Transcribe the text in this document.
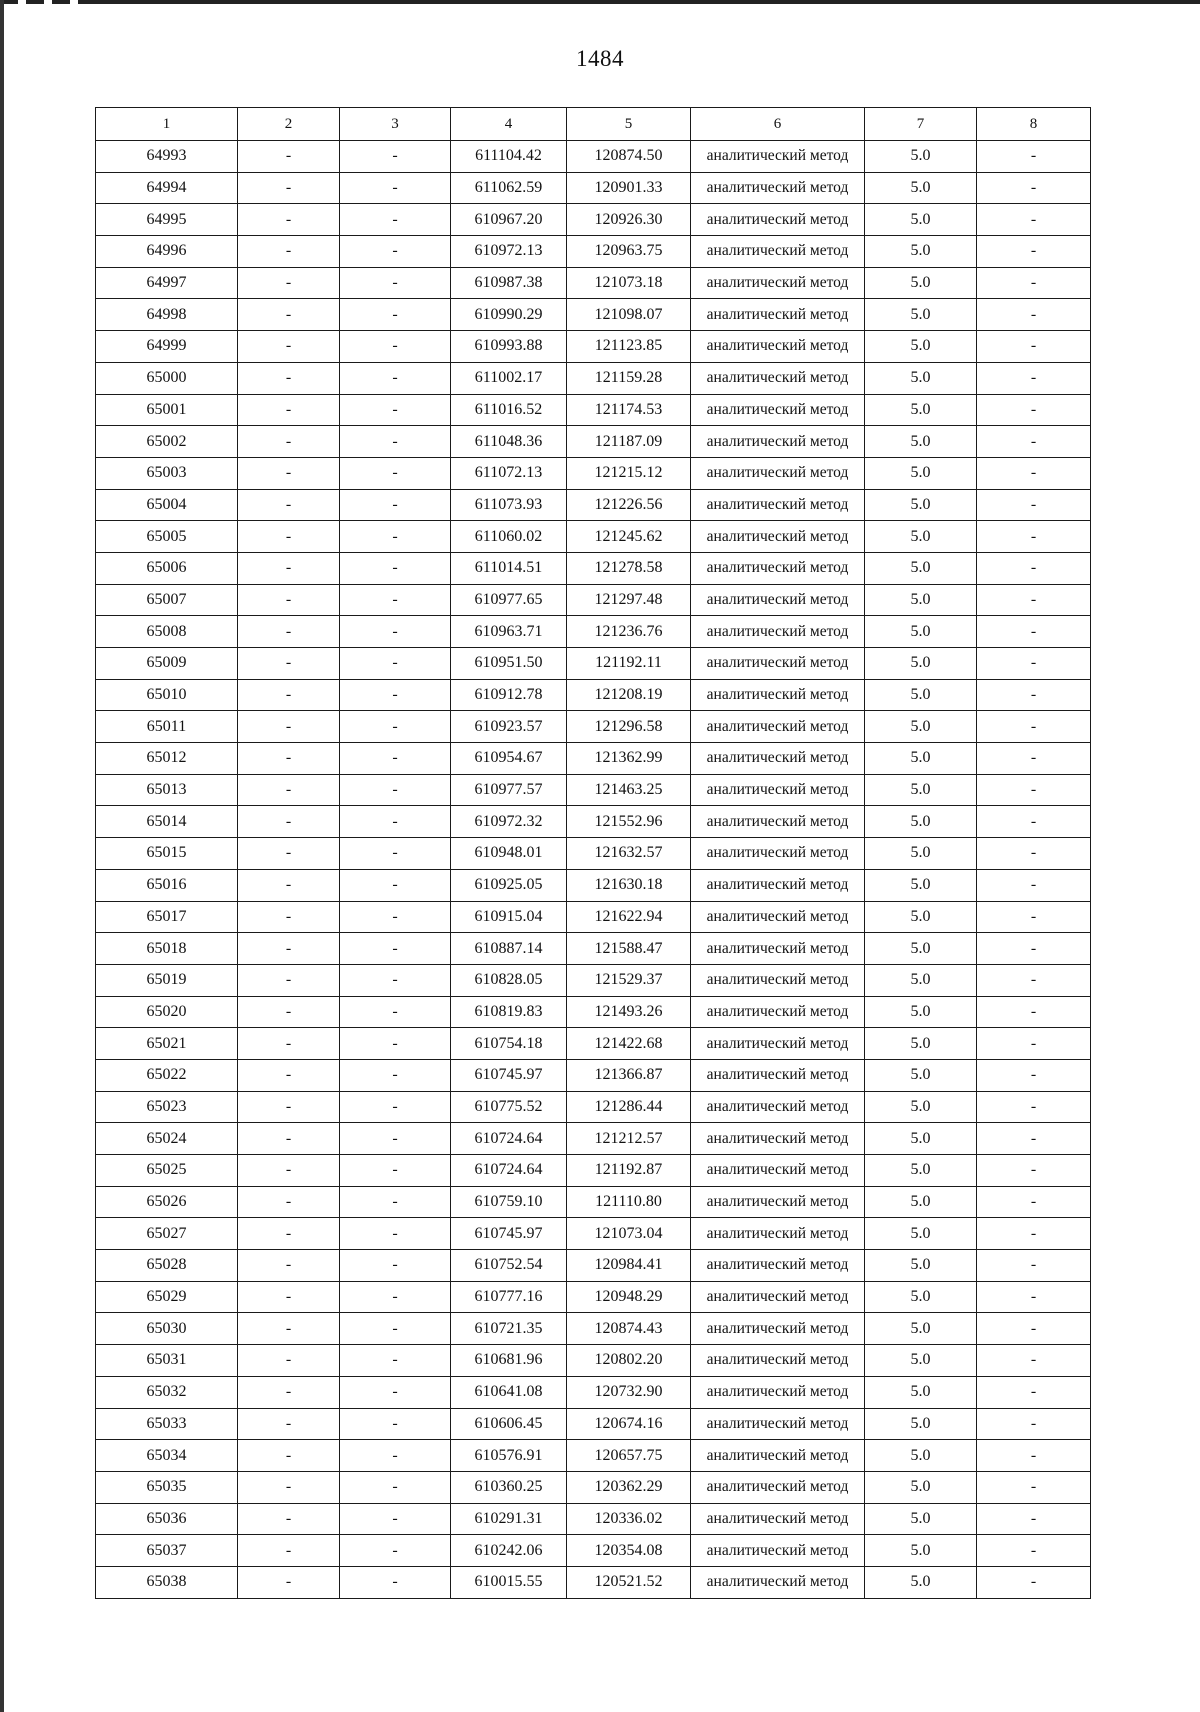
1484
1	2	3	4	5	6	7	8
64993	-	-	611104.42	120874.50	аналитический метод	5.0	-
64994	-	-	611062.59	120901.33	аналитический метод	5.0	-
64995	-	-	610967.20	120926.30	аналитический метод	5.0	-
64996	-	-	610972.13	120963.75	аналитический метод	5.0	-
64997	-	-	610987.38	121073.18	аналитический метод	5.0	-
64998	-	-	610990.29	121098.07	аналитический метод	5.0	-
64999	-	-	610993.88	121123.85	аналитический метод	5.0	-
65000	-	-	611002.17	121159.28	аналитический метод	5.0	-
65001	-	-	611016.52	121174.53	аналитический метод	5.0	-
65002	-	-	611048.36	121187.09	аналитический метод	5.0	-
65003	-	-	611072.13	121215.12	аналитический метод	5.0	-
65004	-	-	611073.93	121226.56	аналитический метод	5.0	-
65005	-	-	611060.02	121245.62	аналитический метод	5.0	-
65006	-	-	611014.51	121278.58	аналитический метод	5.0	-
65007	-	-	610977.65	121297.48	аналитический метод	5.0	-
65008	-	-	610963.71	121236.76	аналитический метод	5.0	-
65009	-	-	610951.50	121192.11	аналитический метод	5.0	-
65010	-	-	610912.78	121208.19	аналитический метод	5.0	-
65011	-	-	610923.57	121296.58	аналитический метод	5.0	-
65012	-	-	610954.67	121362.99	аналитический метод	5.0	-
65013	-	-	610977.57	121463.25	аналитический метод	5.0	-
65014	-	-	610972.32	121552.96	аналитический метод	5.0	-
65015	-	-	610948.01	121632.57	аналитический метод	5.0	-
65016	-	-	610925.05	121630.18	аналитический метод	5.0	-
65017	-	-	610915.04	121622.94	аналитический метод	5.0	-
65018	-	-	610887.14	121588.47	аналитический метод	5.0	-
65019	-	-	610828.05	121529.37	аналитический метод	5.0	-
65020	-	-	610819.83	121493.26	аналитический метод	5.0	-
65021	-	-	610754.18	121422.68	аналитический метод	5.0	-
65022	-	-	610745.97	121366.87	аналитический метод	5.0	-
65023	-	-	610775.52	121286.44	аналитический метод	5.0	-
65024	-	-	610724.64	121212.57	аналитический метод	5.0	-
65025	-	-	610724.64	121192.87	аналитический метод	5.0	-
65026	-	-	610759.10	121110.80	аналитический метод	5.0	-
65027	-	-	610745.97	121073.04	аналитический метод	5.0	-
65028	-	-	610752.54	120984.41	аналитический метод	5.0	-
65029	-	-	610777.16	120948.29	аналитический метод	5.0	-
65030	-	-	610721.35	120874.43	аналитический метод	5.0	-
65031	-	-	610681.96	120802.20	аналитический метод	5.0	-
65032	-	-	610641.08	120732.90	аналитический метод	5.0	-
65033	-	-	610606.45	120674.16	аналитический метод	5.0	-
65034	-	-	610576.91	120657.75	аналитический метод	5.0	-
65035	-	-	610360.25	120362.29	аналитический метод	5.0	-
65036	-	-	610291.31	120336.02	аналитический метод	5.0	-
65037	-	-	610242.06	120354.08	аналитический метод	5.0	-
65038	-	-	610015.55	120521.52	аналитический метод	5.0	-
